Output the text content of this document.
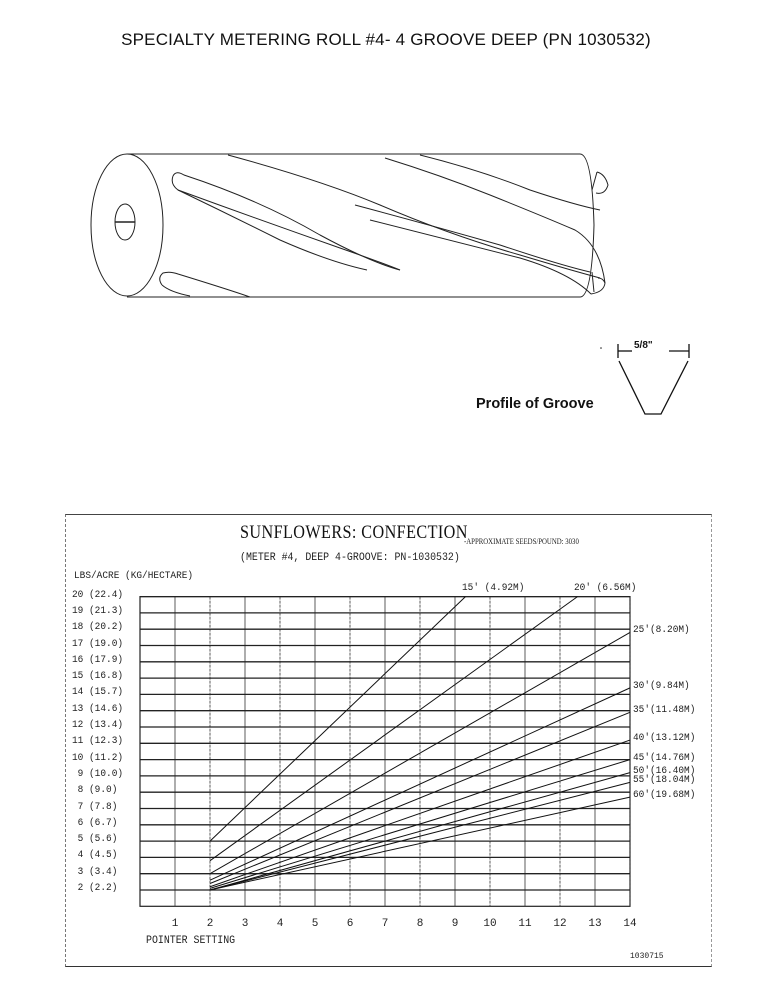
SPECIALTY METERING ROLL #4- 4 GROOVE DEEP (PN 1030532)
5/8"
Profile of Groove
SUNFLOWERS: CONFECTION
-APPROXIMATE SEEDS/POUND: 3030
(METER #4, DEEP 4-GROOVE: PN-1030532)
LBS/ACRE (KG/HECTARE)
POINTER SETTING
1030715
1	2	3	4	5	6	7	8	9	10	11	12	13	14
20 (22.4)
19 (21.3)
18 (20.2)
17 (19.0)
16 (17.9)
15 (16.8)
14 (15.7)
13 (14.6)
12 (13.4)
11 (12.3)
10 (11.2)
9 (10.0)
8 (9.0)
7 (7.8)
6 (6.7)
5 (5.6)
4 (4.5)
3 (3.4)
2 (2.2)
15' (4.92M)	20' (6.56M)
25'(8.20M)
30'(9.84M)
35'(11.48M)
40'(13.12M)
45'(14.76M)
50'(16.40M)
55'(18.04M)
60'(19.68M)
